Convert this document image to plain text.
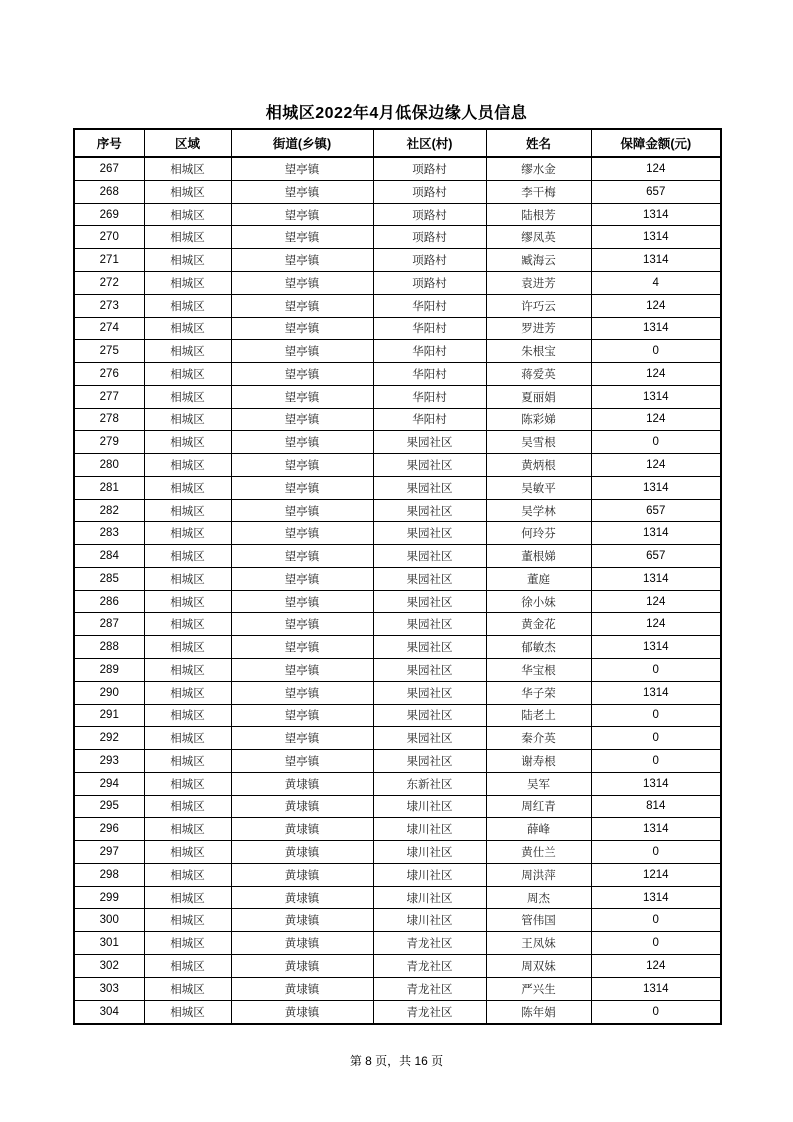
相城区2022年4月低保边缘人员信息
序号	区域	街道(乡镇)	社区(村)	姓名	保障金额(元)
267	相城区	望亭镇	项路村	缪水金	124
268	相城区	望亭镇	项路村	李干梅	657
269	相城区	望亭镇	项路村	陆根芳	1314
270	相城区	望亭镇	项路村	缪凤英	1314
271	相城区	望亭镇	项路村	臧海云	1314
272	相城区	望亭镇	项路村	袁进芳	4
273	相城区	望亭镇	华阳村	许巧云	124
274	相城区	望亭镇	华阳村	罗进芳	1314
275	相城区	望亭镇	华阳村	朱根宝	0
276	相城区	望亭镇	华阳村	蒋爱英	124
277	相城区	望亭镇	华阳村	夏丽娟	1314
278	相城区	望亭镇	华阳村	陈彩娣	124
279	相城区	望亭镇	果园社区	吴雪根	0
280	相城区	望亭镇	果园社区	黄炳根	124
281	相城区	望亭镇	果园社区	吴敏平	1314
282	相城区	望亭镇	果园社区	吴学林	657
283	相城区	望亭镇	果园社区	何玲芬	1314
284	相城区	望亭镇	果园社区	董根娣	657
285	相城区	望亭镇	果园社区	董庭	1314
286	相城区	望亭镇	果园社区	徐小妹	124
287	相城区	望亭镇	果园社区	黄金花	124
288	相城区	望亭镇	果园社区	郁敏杰	1314
289	相城区	望亭镇	果园社区	华宝根	0
290	相城区	望亭镇	果园社区	华子荣	1314
291	相城区	望亭镇	果园社区	陆老土	0
292	相城区	望亭镇	果园社区	秦介英	0
293	相城区	望亭镇	果园社区	谢寿根	0
294	相城区	黄埭镇	东新社区	吴军	1314
295	相城区	黄埭镇	埭川社区	周红青	814
296	相城区	黄埭镇	埭川社区	薛峰	1314
297	相城区	黄埭镇	埭川社区	黄仕兰	0
298	相城区	黄埭镇	埭川社区	周洪萍	1214
299	相城区	黄埭镇	埭川社区	周杰	1314
300	相城区	黄埭镇	埭川社区	管伟国	0
301	相城区	黄埭镇	青龙社区	王凤妹	0
302	相城区	黄埭镇	青龙社区	周双妹	124
303	相城区	黄埭镇	青龙社区	严兴生	1314
304	相城区	黄埭镇	青龙社区	陈年娟	0
第 8 页，共 16 页
